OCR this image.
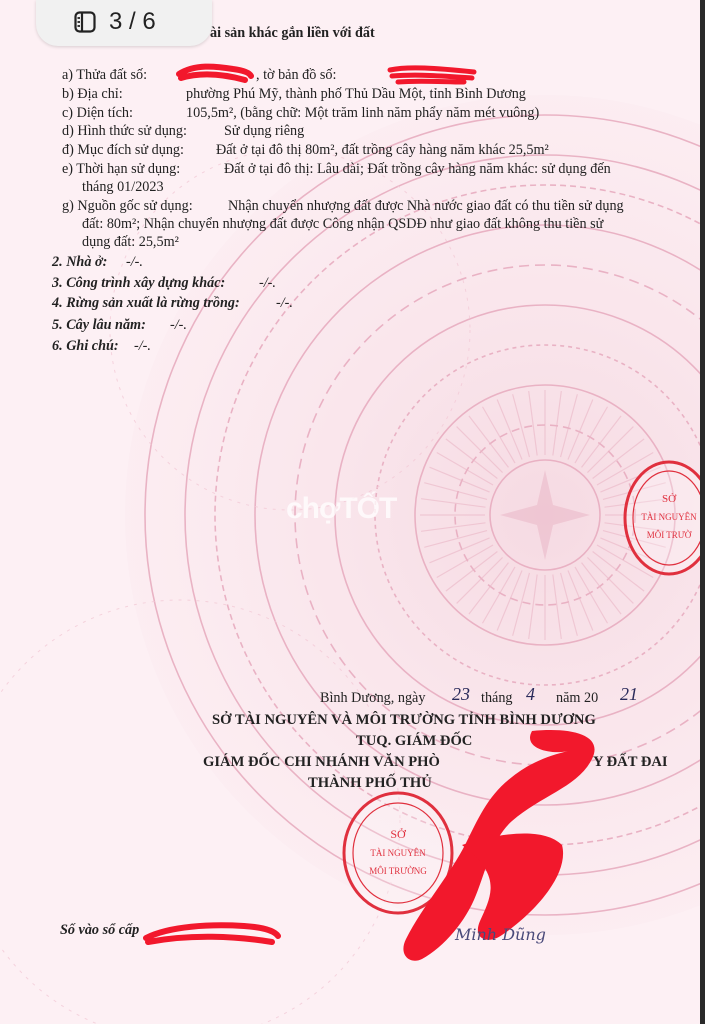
3 / 6	ài sản khác gắn liền với đất
a) Thửa đất số:	, tờ bản đồ số:
b) Địa chỉ:	phường Phú Mỹ, thành phố Thủ Dầu Một, tỉnh Bình Dương
c) Diện tích:	105,5m², (bằng chữ: Một trăm linh năm phẩy năm mét vuông)
d) Hình thức sử dụng:	Sử dụng riêng
đ) Mục đích sử dụng: Đất ở tại đô thị 80m², đất trồng cây hàng năm khác 25,5m²
e) Thời hạn sử dụng:	Đất ở tại đô thị: Lâu dài; Đất trồng cây hàng năm khác: sử dụng đến
tháng 01/2023
g) Nguồn gốc sử dụng: Nhận chuyển nhượng đất được Nhà nước giao đất có thu tiền sử dụng
đất: 80m²; Nhận chuyển nhượng đất được Công nhận QSDĐ như giao đất không thu tiền sử
dụng đất: 25,5m²
2. Nhà ở: -/-.
3. Công trình xây dựng khác: -/-.
4. Rừng sản xuất là rừng trồng:	-/-.
5. Cây lâu năm: -/-.
6. Ghi chú: -/-.
chợTỐT
Bình Dương, ngày 23 tháng 4 năm 20 21
SỞ TÀI NGUYÊN VÀ MÔI TRƯỜNG TỈNH BÌNH DƯƠNG
TUQ. GIÁM ĐỐC
GIÁM ĐỐC CHI NHÁNH VĂN PHÒ	Y ĐẤT ĐAI
THÀNH PHỐ THỦ
SỞ
TÀI NGUYÊN
MÔI TRƯỜ
SỞ
TÀI NGUYÊN
MÔI TRƯỜNG
Minh Dũng
Số vào sổ cấp
